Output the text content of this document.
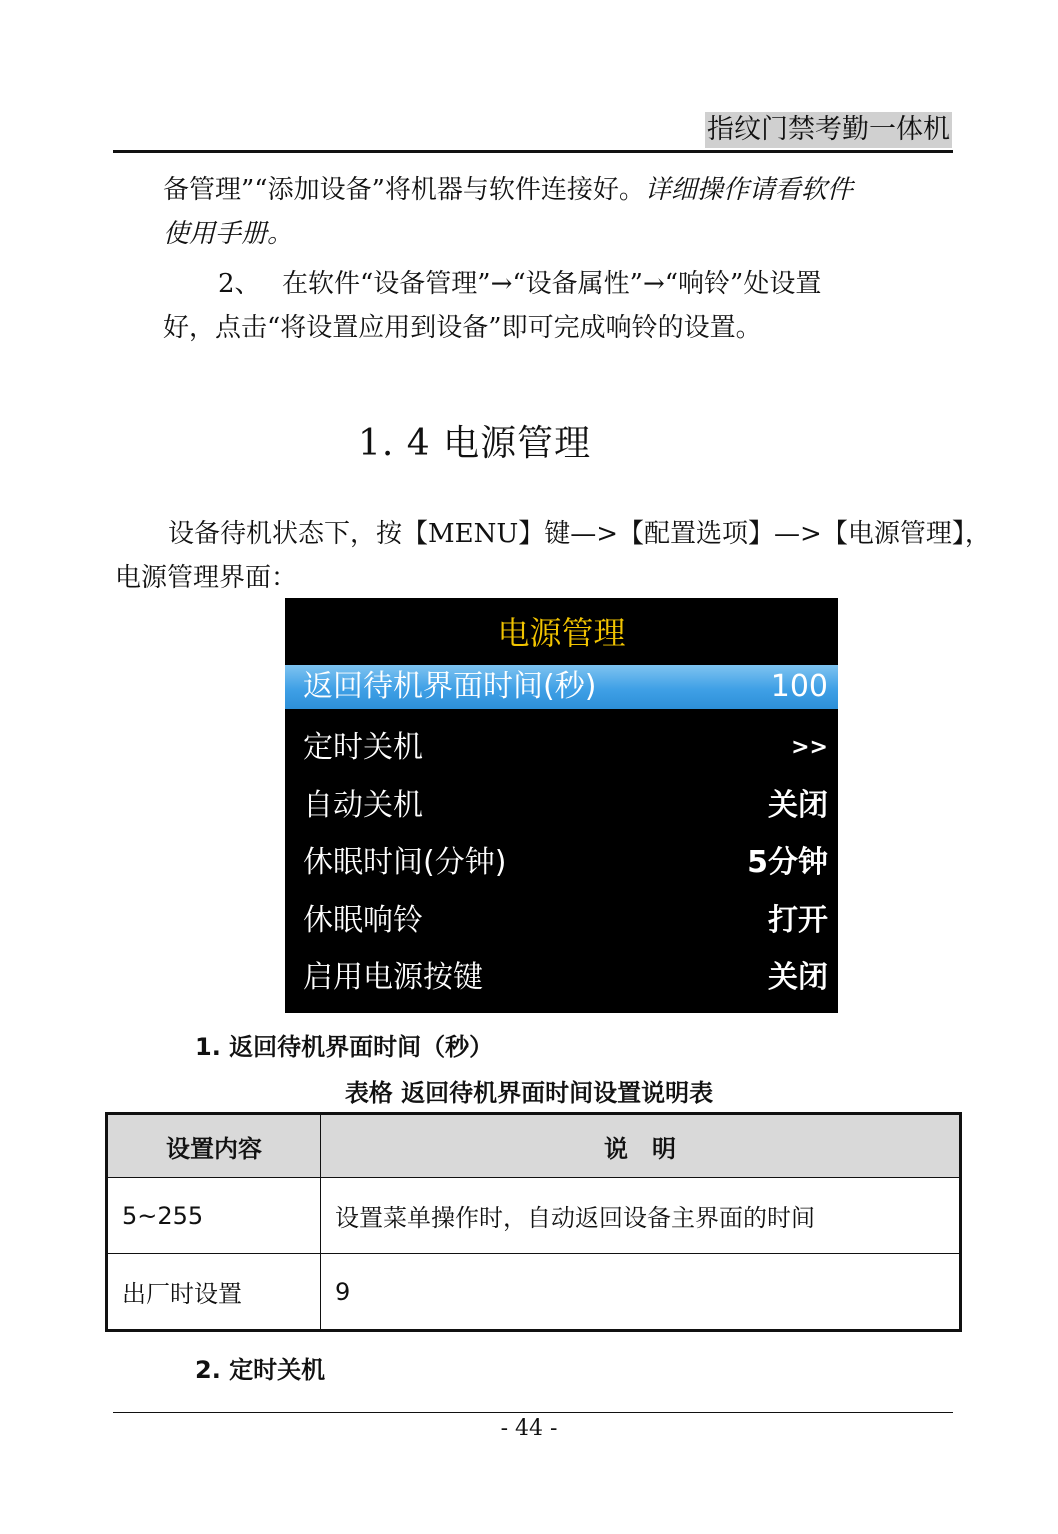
指纹门禁考勤一体机
备管理”“添加设备”将机器与软件连接好。详细操作请看软件
使用手册。
2、 在软件“设备管理”→“设备属性”→“响铃”处设置
好，点击“将设置应用到设备”即可完成响铃的设置。
1. 4 电源管理
设备待机状态下，按【MENU】键—>【配置选项】—>【电源管理】，
电源管理界面：
电源管理
返回待机界面时间(秒)	100
定时关机	>>
自动关机	关闭
休眠时间(分钟)	5分钟
休眠响铃	打开
启用电源按键	关闭
1. 返回待机界面时间（秒）
表格 返回待机界面时间设置说明表
设置内容	说　明
5~255	设置菜单操作时，自动返回设备主界面的时间
出厂时设置	9
2. 定时关机
- 44 -
